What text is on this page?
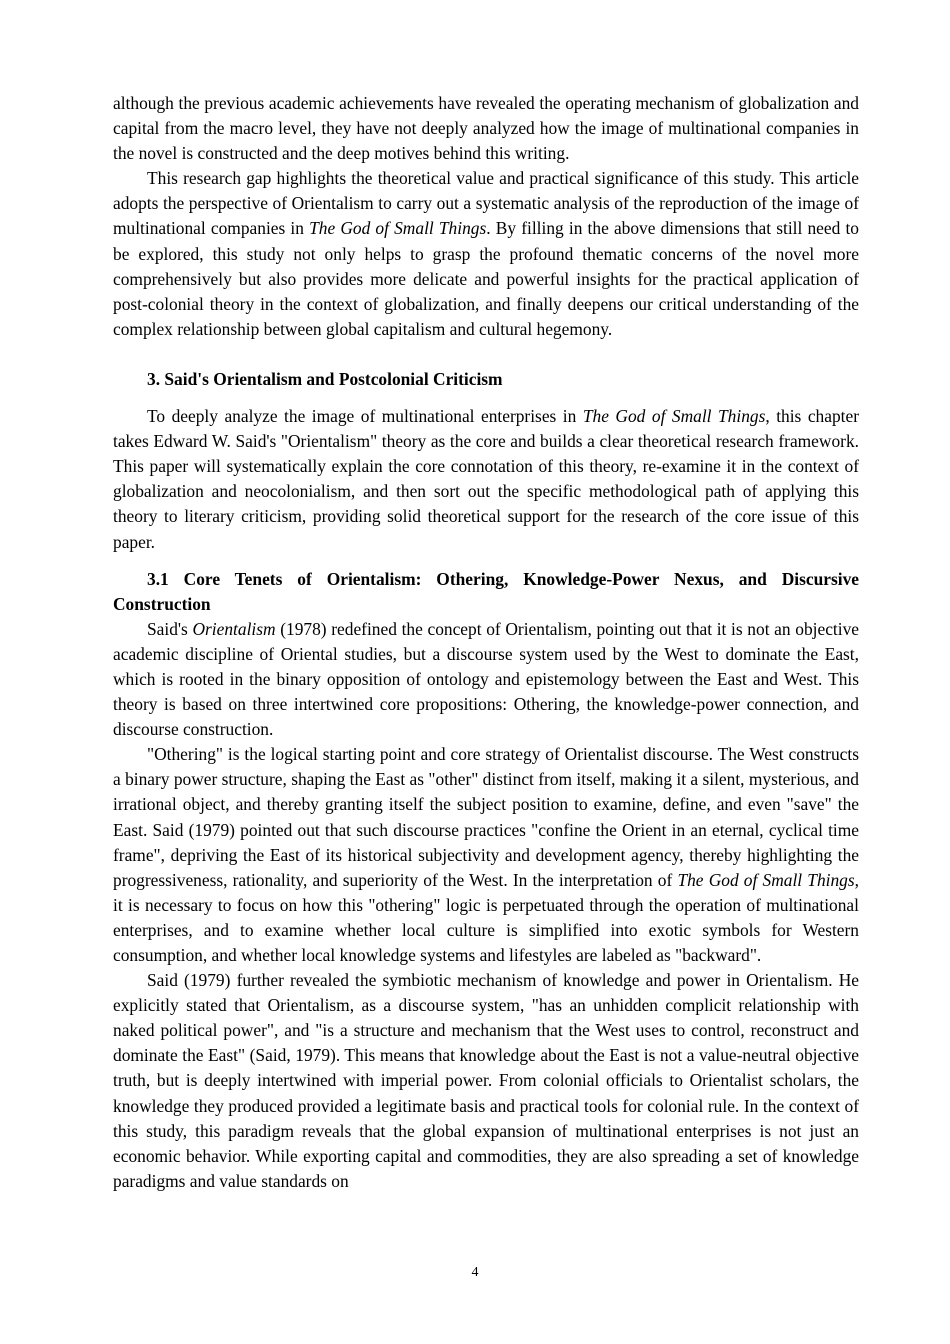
although the previous academic achievements have revealed the operating mechanism of globalization and capital from the macro level, they have not deeply analyzed how the image of multinational companies in the novel is constructed and the deep motives behind this writing.

This research gap highlights the theoretical value and practical significance of this study. This article adopts the perspective of Orientalism to carry out a systematic analysis of the reproduction of the image of multinational companies in The God of Small Things. By filling in the above dimensions that still need to be explored, this study not only helps to grasp the profound thematic concerns of the novel more comprehensively but also provides more delicate and powerful insights for the practical application of post-colonial theory in the context of globalization, and finally deepens our critical understanding of the complex relationship between global capitalism and cultural hegemony.

3. Said's Orientalism and Postcolonial Criticism

To deeply analyze the image of multinational enterprises in The God of Small Things, this chapter takes Edward W. Said's "Orientalism" theory as the core and builds a clear theoretical research framework. This paper will systematically explain the core connotation of this theory, re-examine it in the context of globalization and neocolonialism, and then sort out the specific methodological path of applying this theory to literary criticism, providing solid theoretical support for the research of the core issue of this paper.

3.1 Core Tenets of Orientalism: Othering, Knowledge-Power Nexus, and Discursive Construction

Said's Orientalism (1978) redefined the concept of Orientalism, pointing out that it is not an objective academic discipline of Oriental studies, but a discourse system used by the West to dominate the East, which is rooted in the binary opposition of ontology and epistemology between the East and West. This theory is based on three intertwined core propositions: Othering, the knowledge-power connection, and discourse construction.

"Othering" is the logical starting point and core strategy of Orientalist discourse. The West constructs a binary power structure, shaping the East as "other" distinct from itself, making it a silent, mysterious, and irrational object, and thereby granting itself the subject position to examine, define, and even "save" the East. Said (1979) pointed out that such discourse practices "confine the Orient in an eternal, cyclical time frame", depriving the East of its historical subjectivity and development agency, thereby highlighting the progressiveness, rationality, and superiority of the West. In the interpretation of The God of Small Things, it is necessary to focus on how this "othering" logic is perpetuated through the operation of multinational enterprises, and to examine whether local culture is simplified into exotic symbols for Western consumption, and whether local knowledge systems and lifestyles are labeled as "backward".

Said (1979) further revealed the symbiotic mechanism of knowledge and power in Orientalism. He explicitly stated that Orientalism, as a discourse system, "has an unhidden complicit relationship with naked political power", and "is a structure and mechanism that the West uses to control, reconstruct and dominate the East" (Said, 1979). This means that knowledge about the East is not a value-neutral objective truth, but is deeply intertwined with imperial power. From colonial officials to Orientalist scholars, the knowledge they produced provided a legitimate basis and practical tools for colonial rule. In the context of this study, this paradigm reveals that the global expansion of multinational enterprises is not just an economic behavior. While exporting capital and commodities, they are also spreading a set of knowledge paradigms and value standards on

4
